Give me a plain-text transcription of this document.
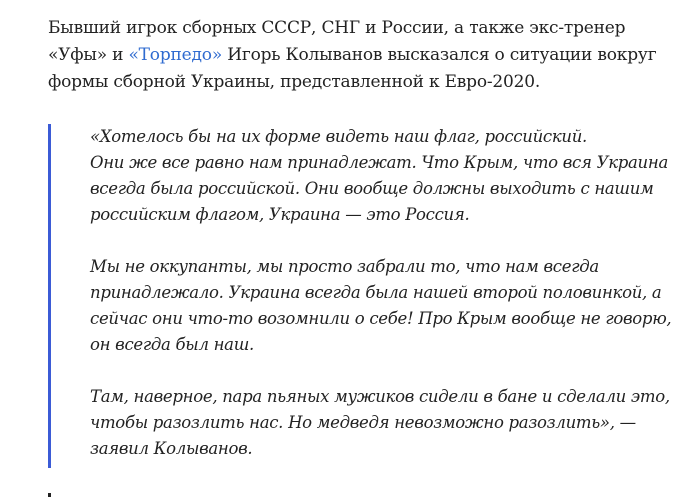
Бывший игрок сборных СССР, СНГ и России, а также экс-тренер «Уфы» и «Торпедо» Игорь Колыванов высказался о ситуации вокруг формы сборной Украины, представленной к Евро-2020.

«Хотелось бы на их форме видеть наш флаг, российский.
Они же все равно нам принадлежат. Что Крым, что вся Украина всегда была российской. Они вообще должны выходить с нашим российским флагом, Украина — это Россия.

Мы не оккупанты, мы просто забрали то, что нам всегда принадлежало. Украина всегда была нашей второй половинкой, а сейчас они что-то возомнили о себе! Про Крым вообще не говорю, он всегда был наш.

Там, наверное, пара пьяных мужиков сидели в бане и сделали это, чтобы разозлить нас. Но медведя невозможно разозлить», — заявил Колыванов.
